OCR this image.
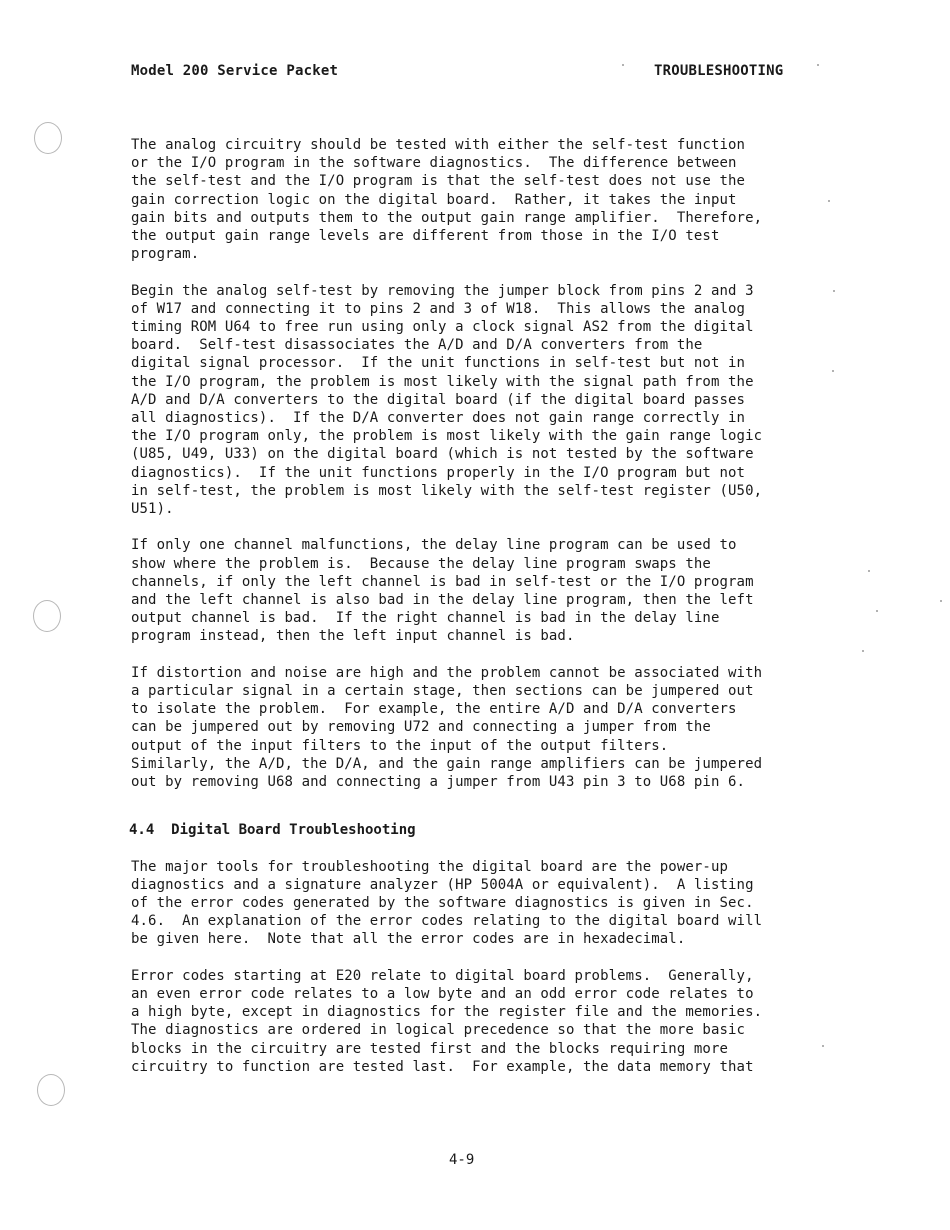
Model 200 Service Packet	TROUBLESHOOTING

The analog circuitry should be tested with either the self-test function
or the I/O program in the software diagnostics.  The difference between
the self-test and the I/O program is that the self-test does not use the
gain correction logic on the digital board.  Rather, it takes the input
gain bits and outputs them to the output gain range amplifier.  Therefore,
the output gain range levels are different from those in the I/O test
program.

Begin the analog self-test by removing the jumper block from pins 2 and 3
of W17 and connecting it to pins 2 and 3 of W18.  This allows the analog
timing ROM U64 to free run using only a clock signal AS2 from the digital
board.  Self-test disassociates the A/D and D/A converters from the
digital signal processor.  If the unit functions in self-test but not in
the I/O program, the problem is most likely with the signal path from the
A/D and D/A converters to the digital board (if the digital board passes
all diagnostics).  If the D/A converter does not gain range correctly in
the I/O program only, the problem is most likely with the gain range logic
(U85, U49, U33) on the digital board (which is not tested by the software
diagnostics).  If the unit functions properly in the I/O program but not
in self-test, the problem is most likely with the self-test register (U50,
U51).

If only one channel malfunctions, the delay line program can be used to
show where the problem is.  Because the delay line program swaps the
channels, if only the left channel is bad in self-test or the I/O program
and the left channel is also bad in the delay line program, then the left
output channel is bad.  If the right channel is bad in the delay line
program instead, then the left input channel is bad.

If distortion and noise are high and the problem cannot be associated with
a particular signal in a certain stage, then sections can be jumpered out
to isolate the problem.  For example, the entire A/D and D/A converters
can be jumpered out by removing U72 and connecting a jumper from the
output of the input filters to the input of the output filters.
Similarly, the A/D, the D/A, and the gain range amplifiers can be jumpered
out by removing U68 and connecting a jumper from U43 pin 3 to U68 pin 6.

4.4  Digital Board Troubleshooting

The major tools for troubleshooting the digital board are the power-up
diagnostics and a signature analyzer (HP 5004A or equivalent).  A listing
of the error codes generated by the software diagnostics is given in Sec.
4.6.  An explanation of the error codes relating to the digital board will
be given here.  Note that all the error codes are in hexadecimal.

Error codes starting at E20 relate to digital board problems.  Generally,
an even error code relates to a low byte and an odd error code relates to
a high byte, except in diagnostics for the register file and the memories.
The diagnostics are ordered in logical precedence so that the more basic
blocks in the circuitry are tested first and the blocks requiring more
circuitry to function are tested last.  For example, the data memory that

4-9
